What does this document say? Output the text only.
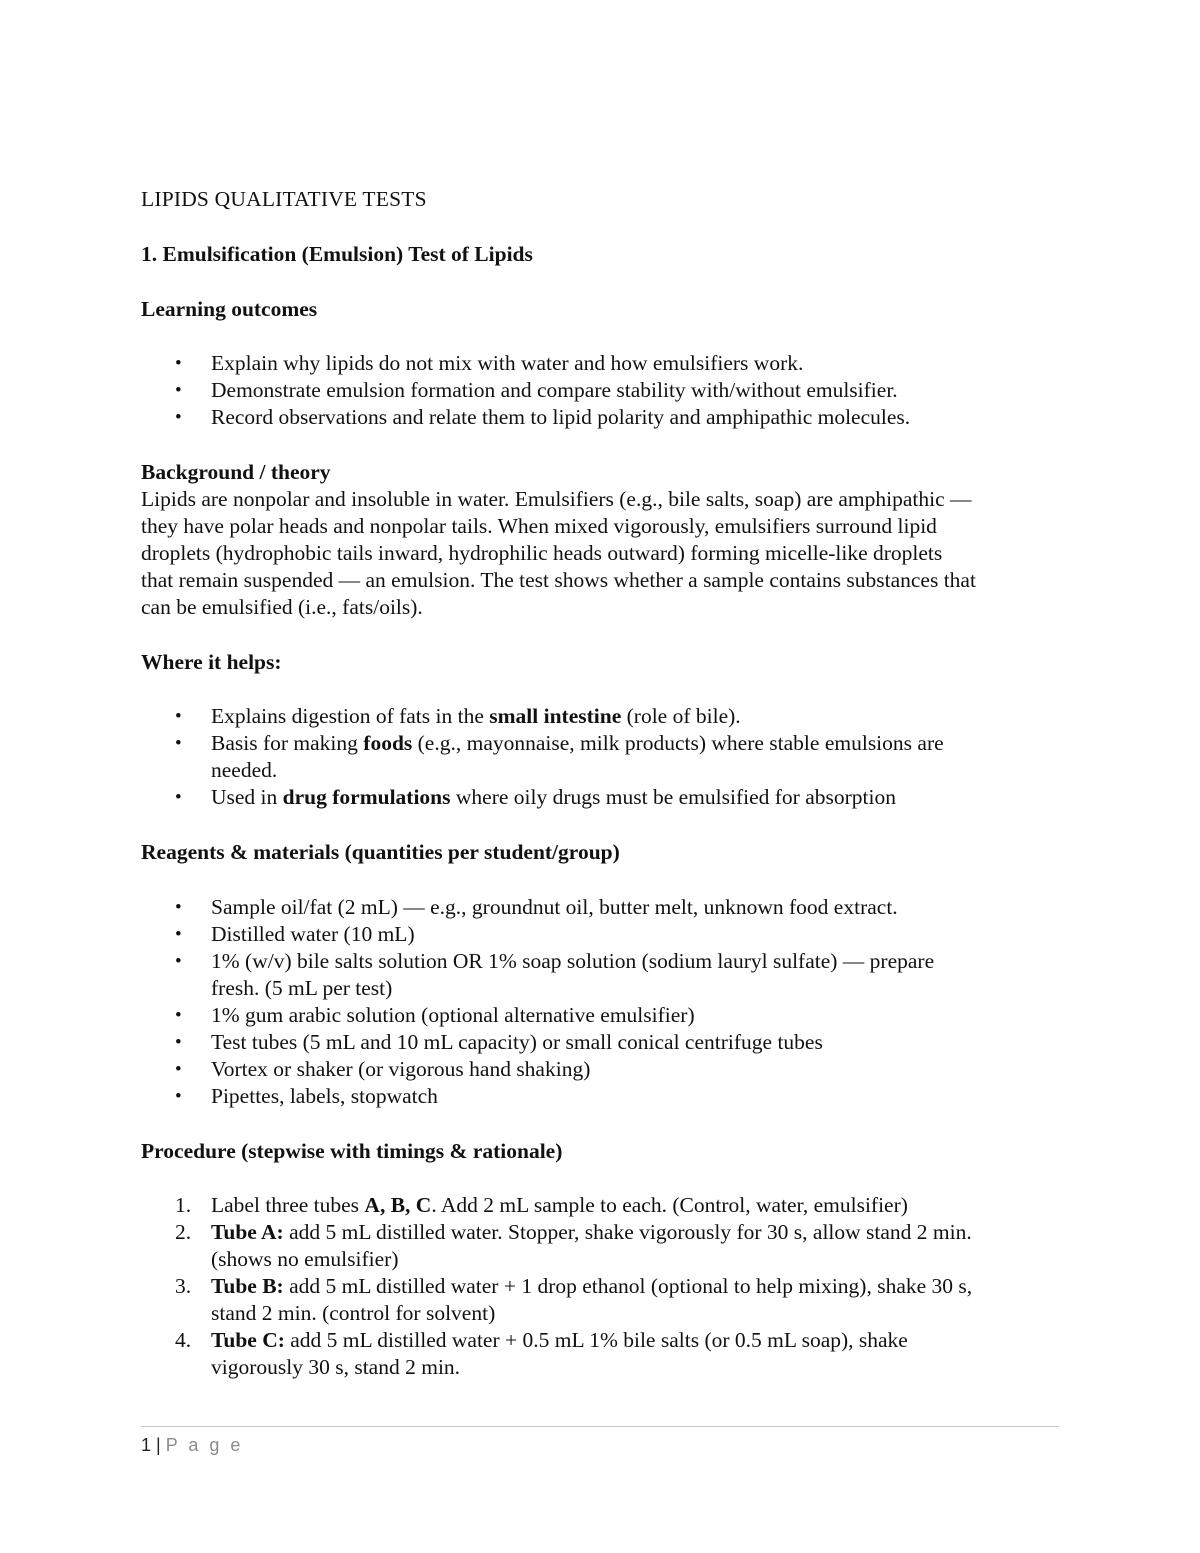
LIPIDS QUALITATIVE TESTS

1. Emulsification (Emulsion) Test of Lipids

Learning outcomes

• Explain why lipids do not mix with water and how emulsifiers work.
• Demonstrate emulsion formation and compare stability with/without emulsifier.
• Record observations and relate them to lipid polarity and amphipathic molecules.

Background / theory

Lipids are nonpolar and insoluble in water. Emulsifiers (e.g., bile salts, soap) are amphipathic —

they have polar heads and nonpolar tails. When mixed vigorously, emulsifiers surround lipid

droplets (hydrophobic tails inward, hydrophilic heads outward) forming micelle-like droplets

that remain suspended — an emulsion. The test shows whether a sample contains substances that

can be emulsified (i.e., fats/oils).

Where it helps:

• Explains digestion of fats in the small intestine (role of bile).
• Basis for making foods (e.g., mayonnaise, milk products) where stable emulsions are
needed.
• Used in drug formulations where oily drugs must be emulsified for absorption

Reagents & materials (quantities per student/group)

• Sample oil/fat (2 mL) — e.g., groundnut oil, butter melt, unknown food extract.
• Distilled water (10 mL)
• 1% (w/v) bile salts solution OR 1% soap solution (sodium lauryl sulfate) — prepare
fresh. (5 mL per test)
• 1% gum arabic solution (optional alternative emulsifier)
• Test tubes (5 mL and 10 mL capacity) or small conical centrifuge tubes
• Vortex or shaker (or vigorous hand shaking)
• Pipettes, labels, stopwatch

Procedure (stepwise with timings & rationale)

1. Label three tubes A, B, C. Add 2 mL sample to each. (Control, water, emulsifier)
2. Tube A: add 5 mL distilled water. Stopper, shake vigorously for 30 s, allow stand 2 min.
(shows no emulsifier)
3. Tube B: add 5 mL distilled water + 1 drop ethanol (optional to help mixing), shake 30 s,
stand 2 min. (control for solvent)
4. Tube C: add 5 mL distilled water + 0.5 mL 1% bile salts (or 0.5 mL soap), shake
vigorously 30 s, stand 2 min.
1 | P a g e
